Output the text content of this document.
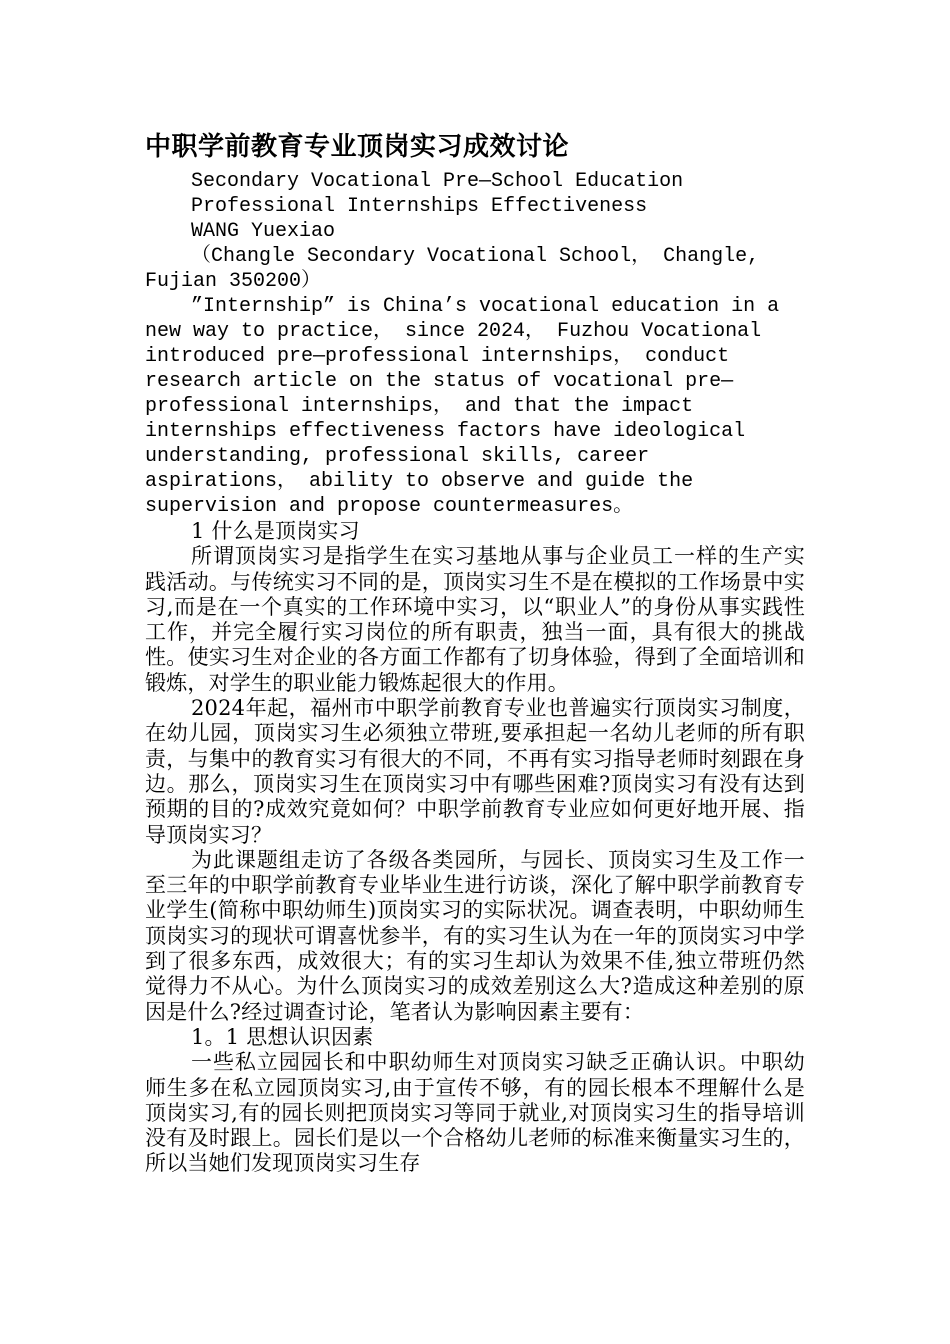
中职学前教育专业顶岗实习成效讨论

Secondary Vocational Pre—School Education Professional Internships Effectiveness

WANG Yuexiao

（Changle Secondary Vocational School， Changle, Fujian 350200）

”Internship” is China’s vocational education in a new way to practice， since 2024， Fuzhou Vocational introduced pre—professional internships， conduct research article on the status of vocational pre—professional internships， and that the impact internships effectiveness factors have ideological understanding, professional skills, career aspirations， ability to observe and guide the supervision and propose countermeasures。

1 什么是顶岗实习

所谓顶岗实习是指学生在实习基地从事与企业员工一样的生产实践活动。与传统实习不同的是，顶岗实习生不是在模拟的工作场景中实习,而是在一个真实的工作环境中实习，以“职业人”的身份从事实践性工作，并完全履行实习岗位的所有职责，独当一面，具有很大的挑战性。使实习生对企业的各方面工作都有了切身体验，得到了全面培训和锻炼，对学生的职业能力锻炼起很大的作用。

2024年起，福州市中职学前教育专业也普遍实行顶岗实习制度，在幼儿园，顶岗实习生必须独立带班,要承担起一名幼儿老师的所有职责，与集中的教育实习有很大的不同，不再有实习指导老师时刻跟在身边。那么，顶岗实习生在顶岗实习中有哪些困难?顶岗实习有没有达到预期的目的?成效究竟如何？中职学前教育专业应如何更好地开展、指导顶岗实习？

为此课题组走访了各级各类园所，与园长、顶岗实习生及工作一至三年的中职学前教育专业毕业生进行访谈，深化了解中职学前教育专业学生(简称中职幼师生)顶岗实习的实际状况。调查表明，中职幼师生顶岗实习的现状可谓喜忧参半，有的实习生认为在一年的顶岗实习中学到了很多东西，成效很大；有的实习生却认为效果不佳,独立带班仍然觉得力不从心。为什么顶岗实习的成效差别这么大?造成这种差别的原因是什么?经过调查讨论，笔者认为影响因素主要有：

1。1 思想认识因素

一些私立园园长和中职幼师生对顶岗实习缺乏正确认识。中职幼师生多在私立园顶岗实习,由于宣传不够，有的园长根本不理解什么是顶岗实习,有的园长则把顶岗实习等同于就业,对顶岗实习生的指导培训没有及时跟上。园长们是以一个合格幼儿老师的标准来衡量实习生的，所以当她们发现顶岗实习生存
